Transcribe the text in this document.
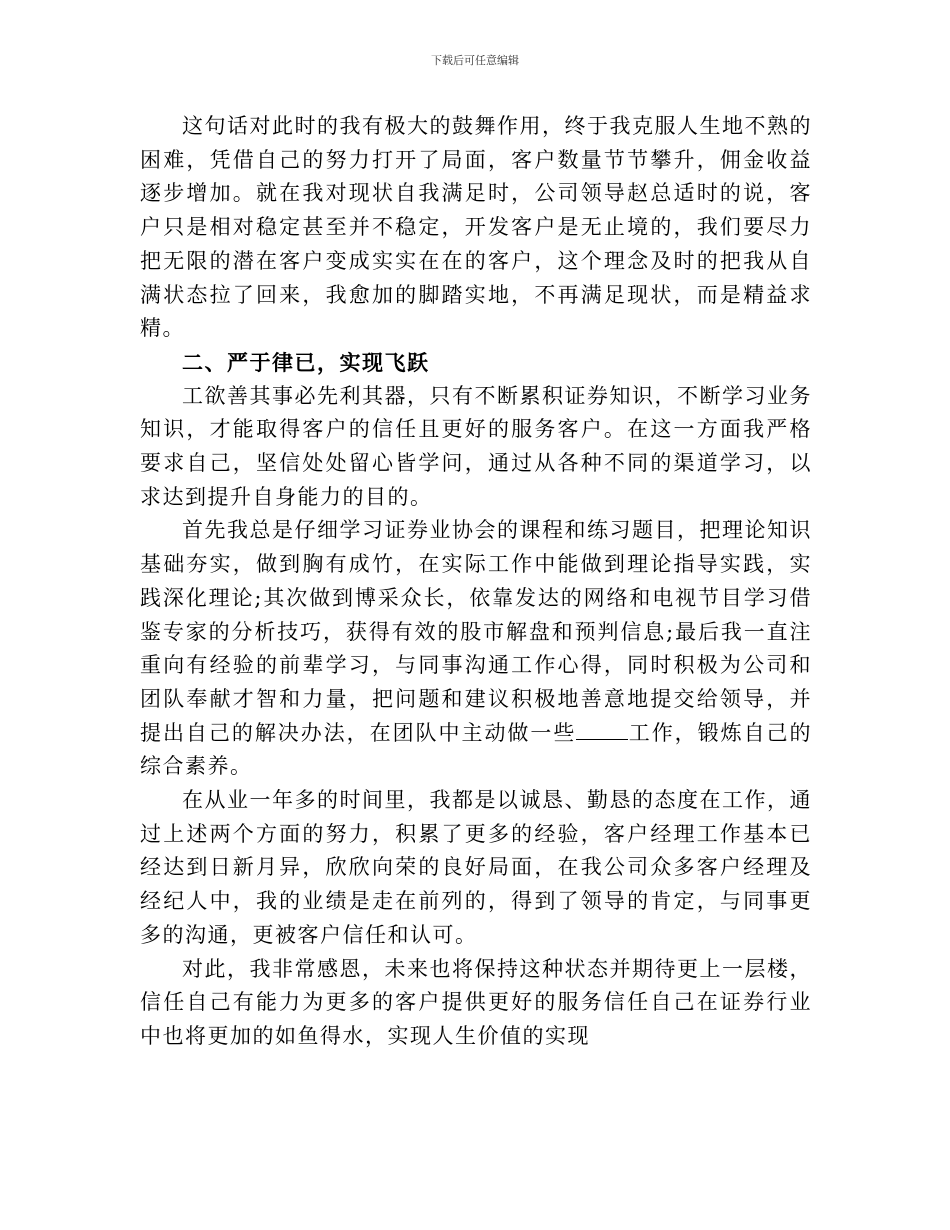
下载后可任意编辑

这句话对此时的我有极大的鼓舞作用，终于我克服人生地不熟的困难，凭借自己的努力打开了局面，客户数量节节攀升，佣金收益逐步增加。就在我对现状自我满足时，公司领导赵总适时的说，客户只是相对稳定甚至并不稳定，开发客户是无止境的，我们要尽力把无限的潜在客户变成实实在在的客户，这个理念及时的把我从自满状态拉了回来，我愈加的脚踏实地，不再满足现状，而是精益求精。

二、严于律已，实现飞跃

工欲善其事必先利其器，只有不断累积证券知识，不断学习业务知识，才能取得客户的信任且更好的服务客户。在这一方面我严格要求自己，坚信处处留心皆学问，通过从各种不同的渠道学习，以求达到提升自身能力的目的。

首先我总是仔细学习证券业协会的课程和练习题目，把理论知识基础夯实，做到胸有成竹，在实际工作中能做到理论指导实践，实践深化理论;其次做到博采众长，依靠发达的网络和电视节目学习借鉴专家的分析技巧，获得有效的股市解盘和预判信息;最后我一直注重向有经验的前辈学习，与同事沟通工作心得，同时积极为公司和团队奉献才智和力量，把问题和建议积极地善意地提交给领导，并提出自己的解决办法，在团队中主动做一些 工作，锻炼自己的综合素养。

在从业一年多的时间里，我都是以诚恳、勤恳的态度在工作，通过上述两个方面的努力，积累了更多的经验，客户经理工作基本已经达到日新月异，欣欣向荣的良好局面，在我公司众多客户经理及经纪人中，我的业绩是走在前列的，得到了领导的肯定，与同事更多的沟通，更被客户信任和认可。

对此，我非常感恩，未来也将保持这种状态并期待更上一层楼，信任自己有能力为更多的客户提供更好的服务信任自己在证券行业中也将更加的如鱼得水，实现人生价值的实现
